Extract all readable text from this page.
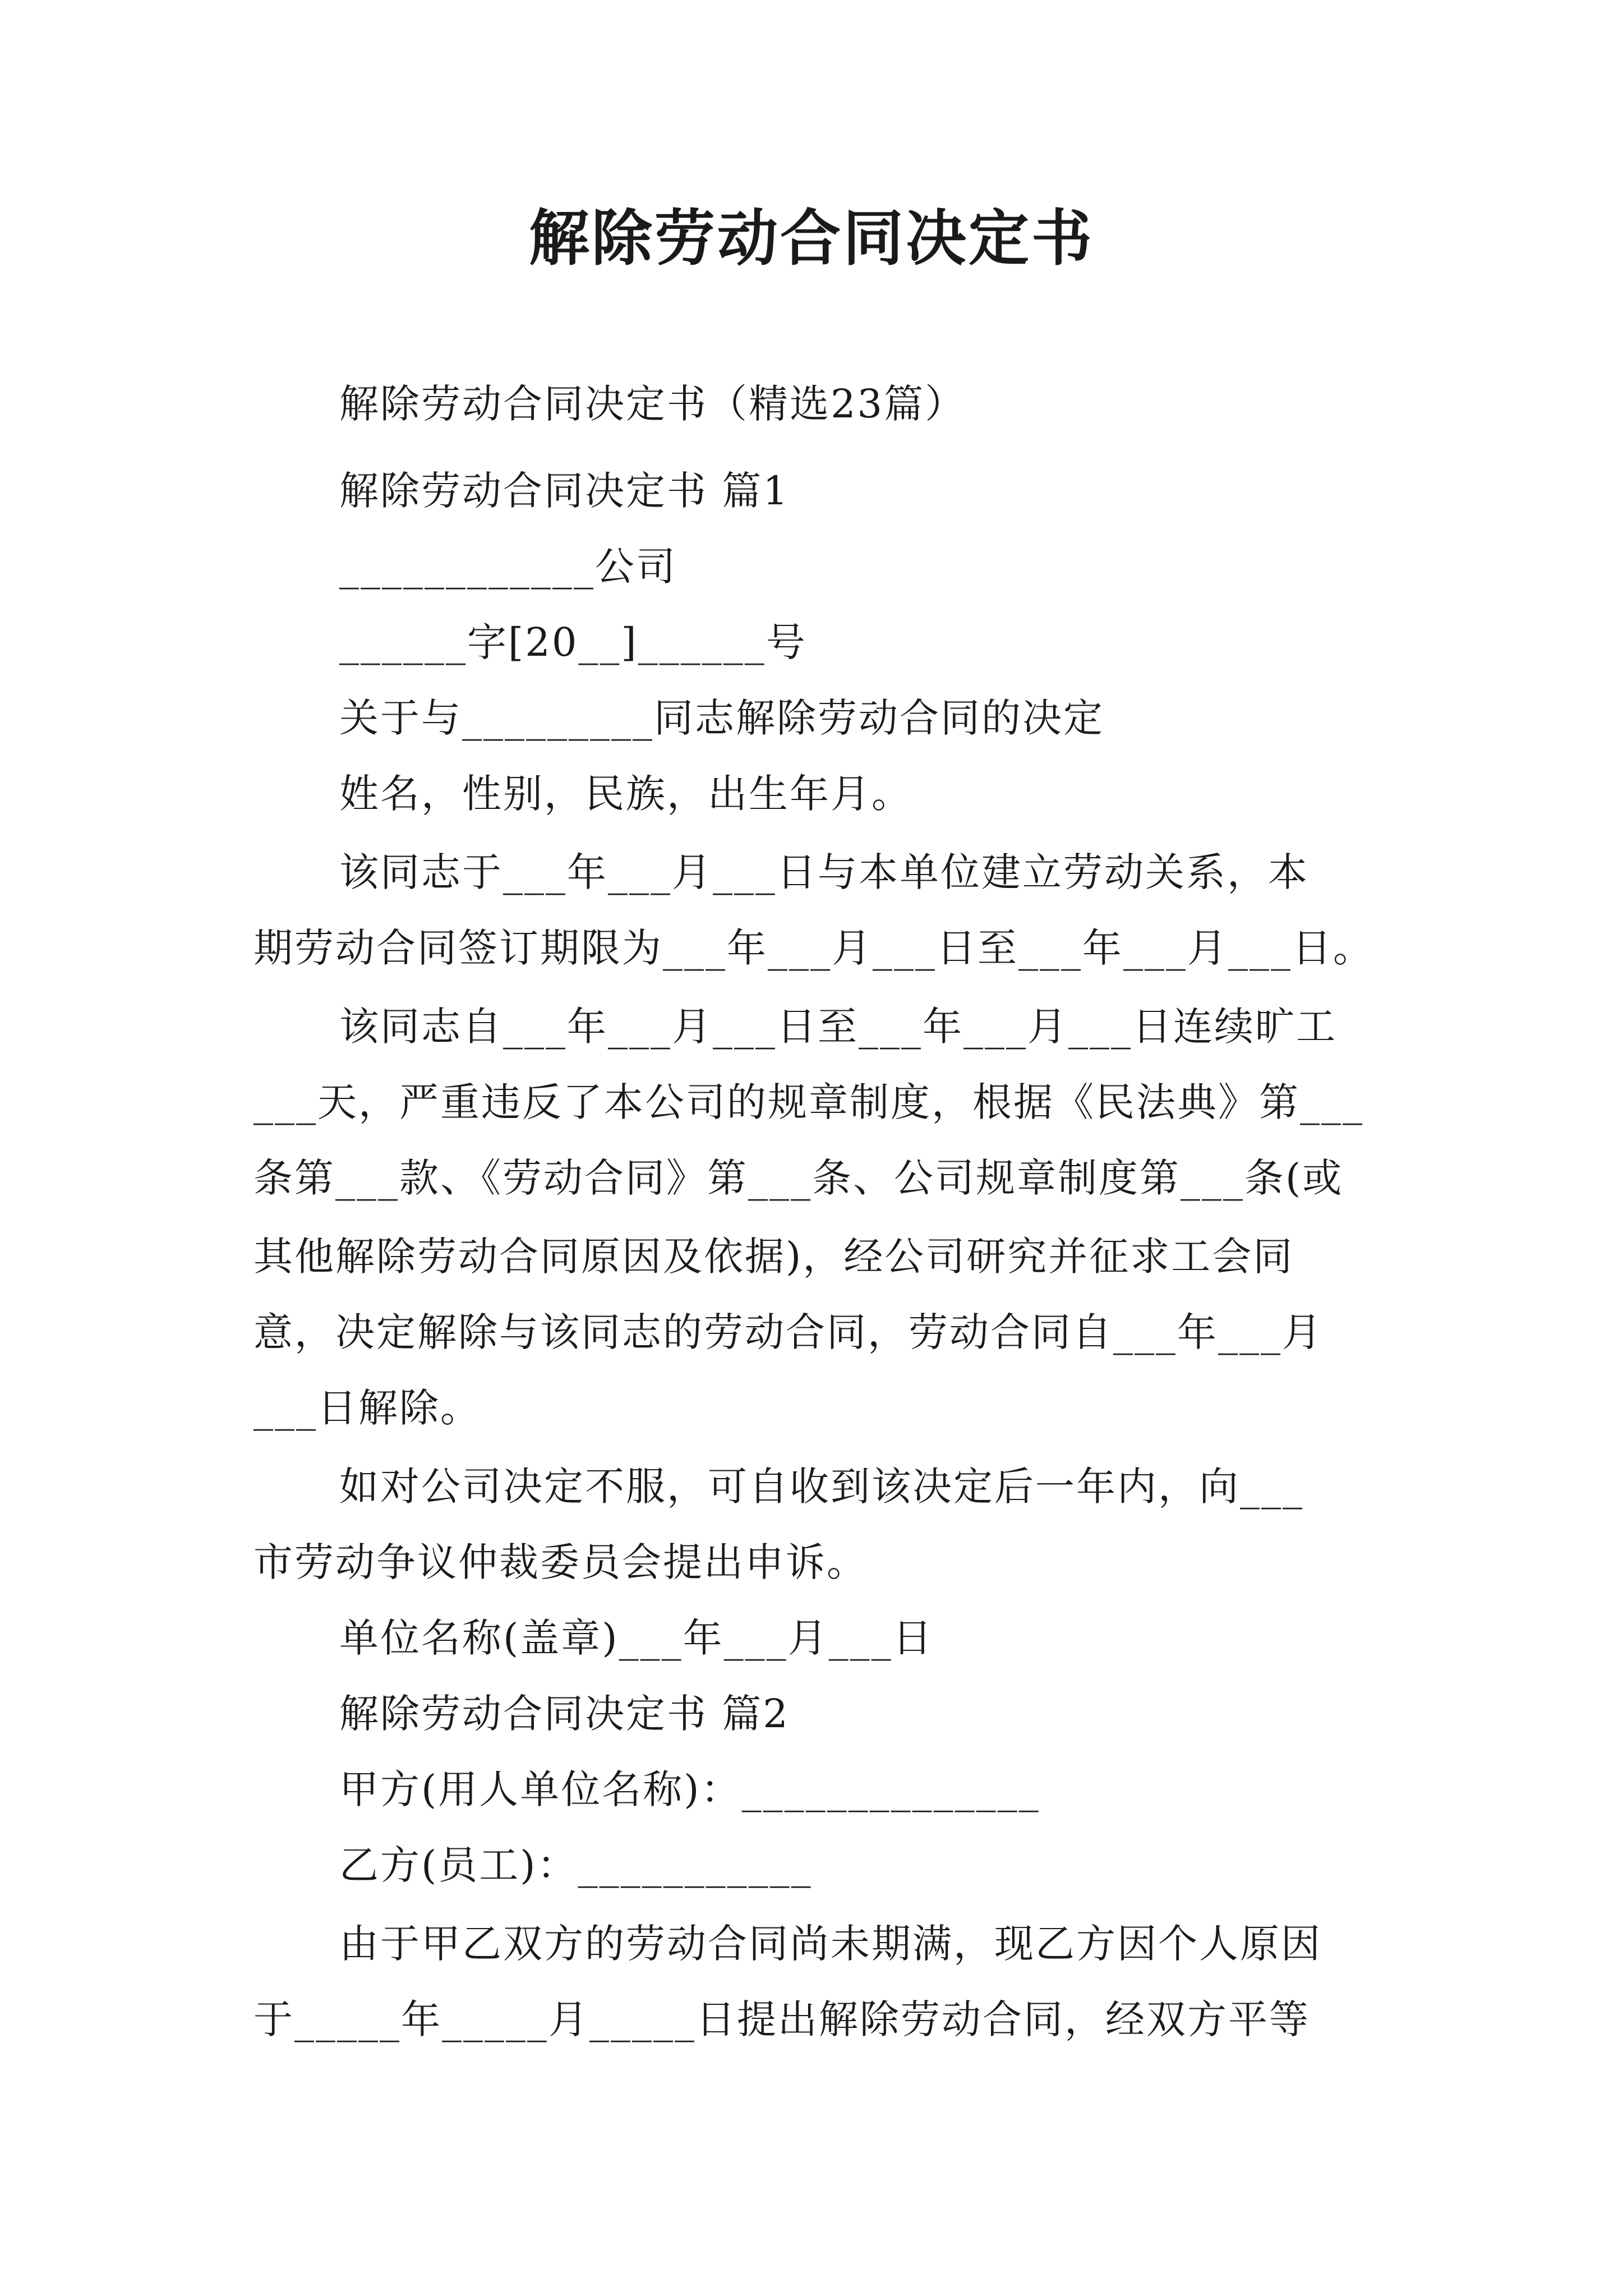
解除劳动合同决定书
解除劳动合同决定书（精选23篇）
解除劳动合同决定书 篇1
____________公司
______字[20__]______号
关于与_________同志解除劳动合同的决定
姓名，性别，民族，出生年月。
该同志于___年___月___日与本单位建立劳动关系，本
期劳动合同签订期限为___年___月___日至___年___月___日。
该同志自___年___月___日至___年___月___日连续旷工
___天，严重违反了本公司的规章制度，根据《民法典》第___
条第___款、《劳动合同》第___条、公司规章制度第___条(或
其他解除劳动合同原因及依据)，经公司研究并征求工会同
意，决定解除与该同志的劳动合同，劳动合同自___年___月
___日解除。
如对公司决定不服，可自收到该决定后一年内，向___
市劳动争议仲裁委员会提出申诉。
单位名称(盖章)___年___月___日
解除劳动合同决定书 篇2
甲方(用人单位名称)：______________
乙方(员工)：___________
由于甲乙双方的劳动合同尚未期满，现乙方因个人原因
于_____年_____月_____日提出解除劳动合同，经双方平等
